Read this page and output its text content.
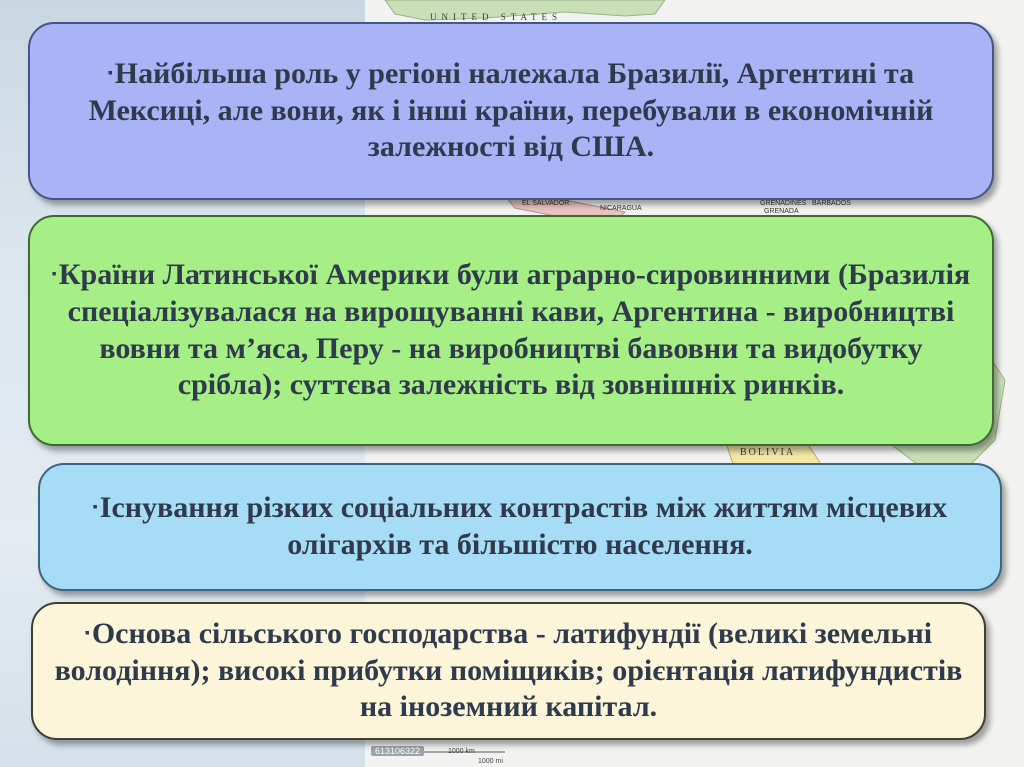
UNITED STATES
EL SALVADOR
NICARAGUA
GRENADINES
GRENADA
BARBADOS
BOLIVIA
1000 km
1000 mi
613106322

▪Найбільша роль у регіоні належала Бразилії, Аргентині та Мексиці, але вони, як і інші країни, перебували в економічній залежності від США.

▪Країни Латинської Америки були аграрно-сировинними (Бразилія спеціалізувалася на вирощуванні кави, Аргентина - виробництві вовни та м’яса, Перу - на виробництві бавовни та видобутку срібла); суттєва залежність від зовнішніх ринків.

▪Існування різких соціальних контрастів між життям місцевих олігархів та більшістю населення.

▪Основа сільського господарства - латифундії (великі земельні володіння); високі прибутки поміщиків; орієнтація латифундистів на іноземний капітал.
